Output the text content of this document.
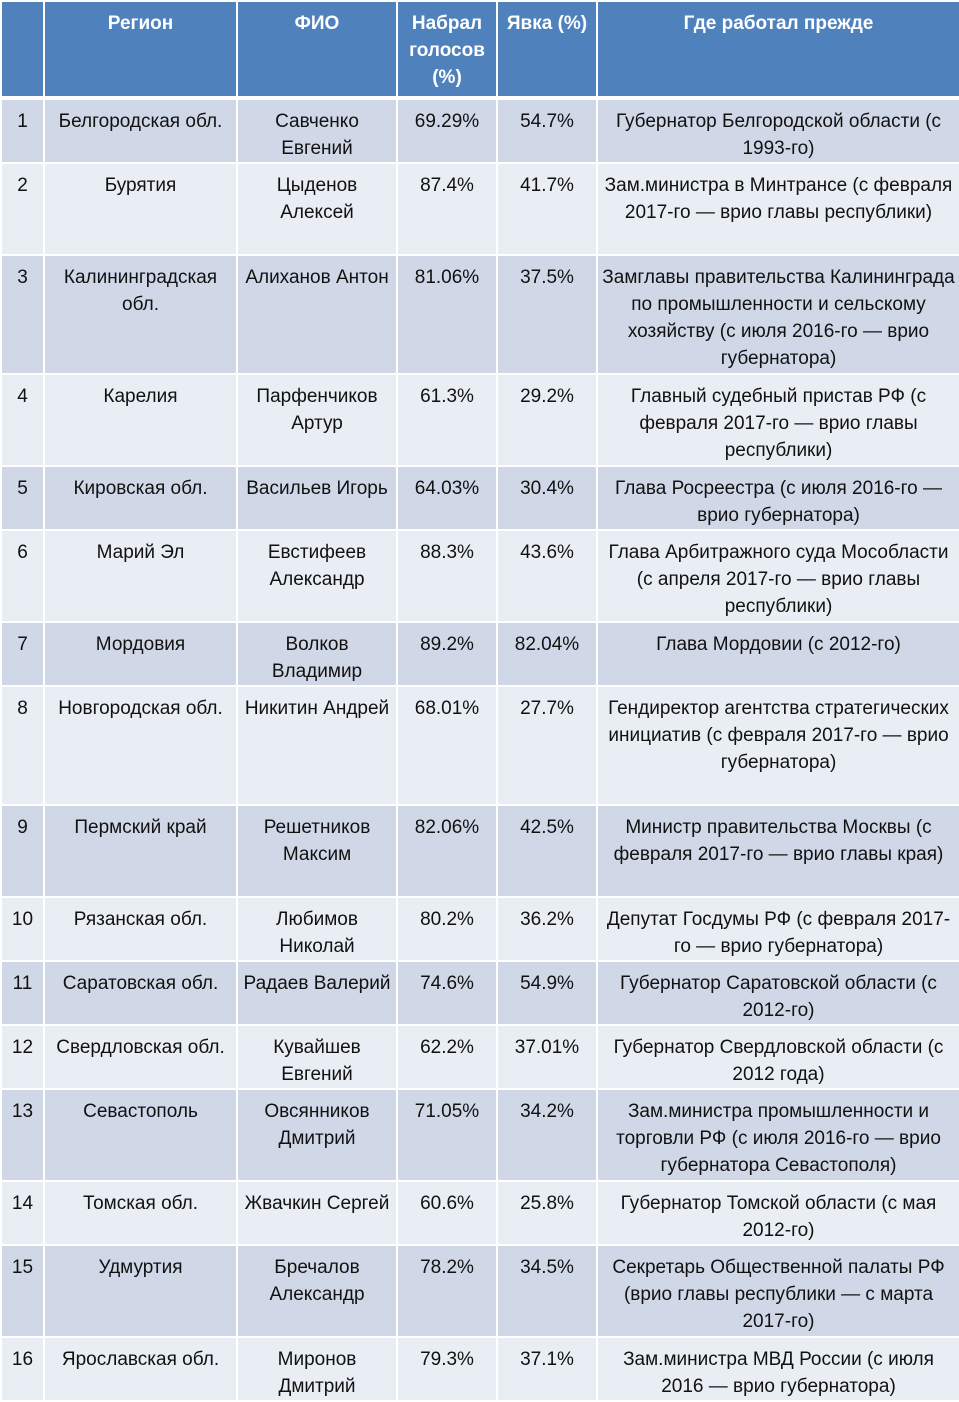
	Регион	ФИО	Набрал голосов (%)	Явка (%)	Где работал прежде
1	Белгородская обл.	Савченко Евгений	69.29%	54.7%	Губернатор Белгородской области (с 1993-го)
2	Бурятия	Цыденов Алексей	87.4%	41.7%	Зам.министра в Минтрансе (с февраля 2017-го — врио главы республики)
3	Калининградская обл.	Алиханов Антон	81.06%	37.5%	Замглавы правительства Калининграда по промышленности и сельскому хозяйству (с июля 2016-го — врио губернатора)
4	Карелия	Парфенчиков Артур	61.3%	29.2%	Главный судебный пристав РФ (с февраля 2017-го — врио главы республики)
5	Кировская обл.	Васильев Игорь	64.03%	30.4%	Глава Росреестра (с июля 2016-го — врио губернатора)
6	Марий Эл	Евстифеев Александр	88.3%	43.6%	Глава Арбитражного суда Мособласти (с апреля 2017-го — врио главы республики)
7	Мордовия	Волков Владимир	89.2%	82.04%	Глава Мордовии (с 2012-го)
8	Новгородская обл.	Никитин Андрей	68.01%	27.7%	Гендиректор агентства стратегических инициатив (с февраля 2017-го — врио губернатора)
9	Пермский край	Решетников Максим	82.06%	42.5%	Министр правительства Москвы (с февраля 2017-го — врио главы края)
10	Рязанская обл.	Любимов Николай	80.2%	36.2%	Депутат Госдумы РФ (с февраля 2017-го — врио губернатора)
11	Саратовская обл.	Радаев Валерий	74.6%	54.9%	Губернатор Саратовской области (с 2012-го)
12	Свердловская обл.	Кувайшев Евгений	62.2%	37.01%	Губернатор Свердловской области (с 2012 года)
13	Севастополь	Овсянников Дмитрий	71.05%	34.2%	Зам.министра промышленности и торговли РФ (с июля 2016-го — врио губернатора Севастополя)
14	Томская обл.	Жвачкин Сергей	60.6%	25.8%	Губернатор Томской области (с мая 2012-го)
15	Удмуртия	Бречалов Александр	78.2%	34.5%	Секретарь Общественной палаты РФ (врио главы республики — с марта 2017-го)
16	Ярославская обл.	Миронов Дмитрий	79.3%	37.1%	Зам.министра МВД России (с июля 2016 — врио губернатора)
